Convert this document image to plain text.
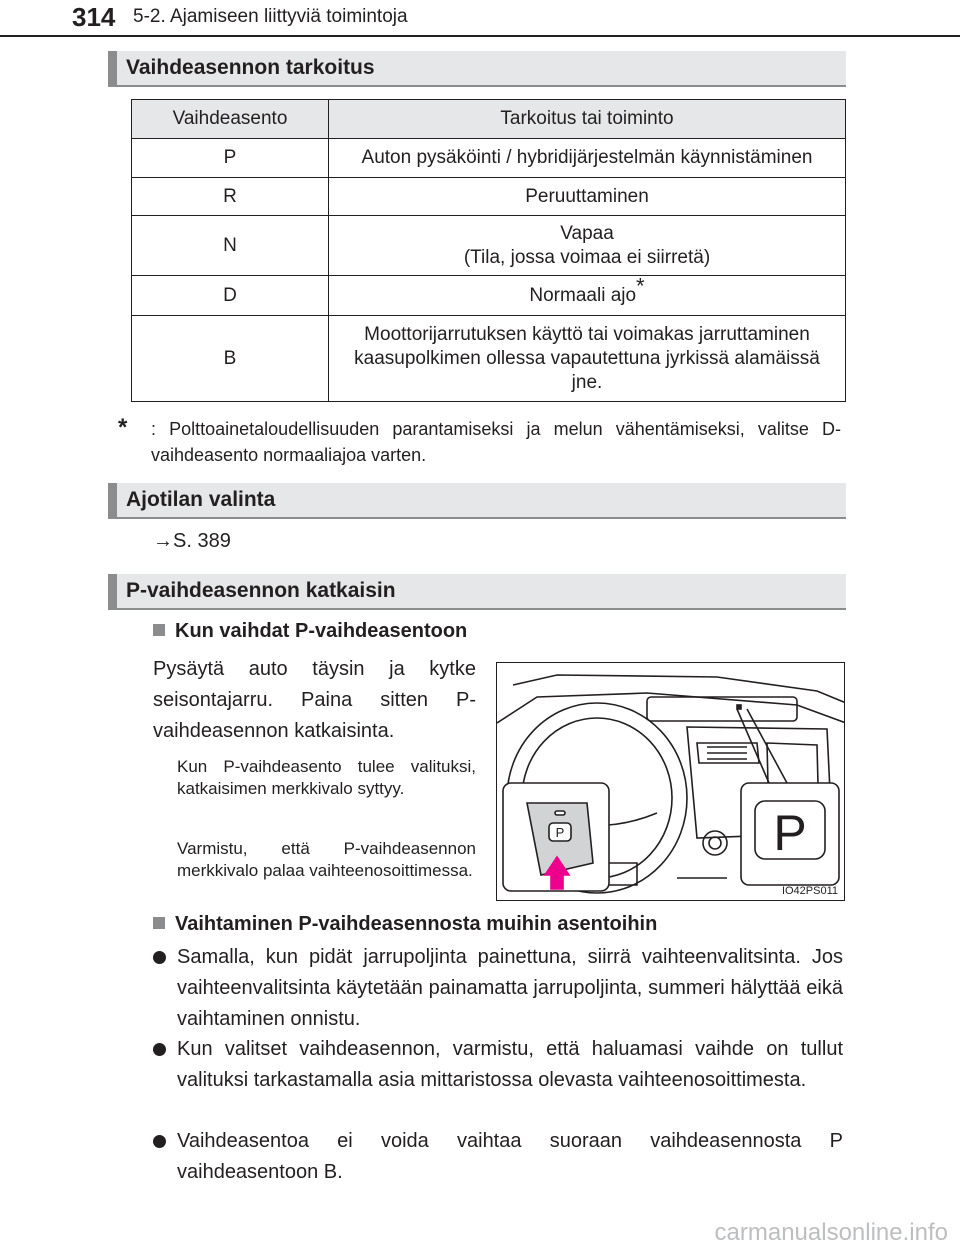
314 5-2. Ajamiseen liittyviä toimintoja
Vaihdeasennon tarkoitus
Vaihdeasento	Tarkoitus tai toiminto
P	Auton pysäköinti / hybridijärjestelmän käynnistäminen
R	Peruuttaminen
N	Vapaa
(Tila, jossa voimaa ei siirretä)

D	Normaali ajo*
B	Moottorijarrutuksen käyttö tai voimakas jarruttaminen kaasupolkimen ollessa vapautettuna jyrkissä alamäissä jne.
* : Polttoainetaloudellisuuden parantamiseksi ja melun vähentämiseksi, valitse D-vaihdeasento normaaliajoa varten.
Ajotilan valinta
→S. 389
P-vaihdeasennon katkaisin
Kun vaihdat P-vaihdeasentoon
Pysäytä auto täysin ja kytke seisontajarru. Paina sitten P-vaihdeasennon katkaisinta.
Kun P-vaihdeasento tulee valituksi, katkaisimen merkkivalo syttyy.
Varmistu, että P-vaihdeasennon merkkivalo palaa vaihteenosoittimessa.
P	P
IO42PS011
Vaihtaminen P-vaihdeasennosta muihin asentoihin
Samalla, kun pidät jarrupoljinta painettuna, siirrä vaihteenvalitsinta. Jos vaihteenvalitsinta käytetään painamatta jarrupoljinta, summeri hälyttää eikä vaihtaminen onnistu.
Kun valitset vaihdeasennon, varmistu, että haluamasi vaihde on tullut valituksi tarkastamalla asia mittaristossa olevasta vaihteenosoittimesta.
Vaihdeasentoa ei voida vaihtaa suoraan vaihdeasennosta P vaihdeasentoon B.
carmanualsonline.info
